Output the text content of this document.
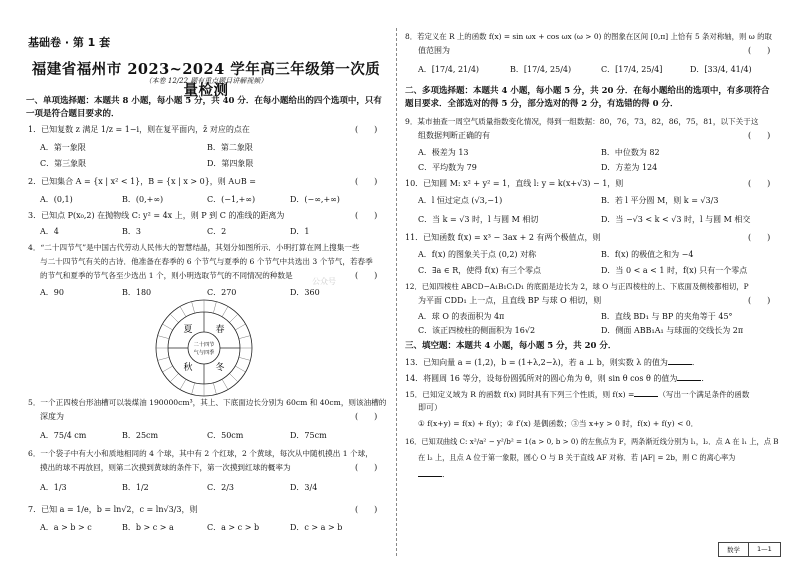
基础卷 · 第 1 套
福建省福州市 2023~2024 学年高三年级第一次质量检测
（本卷 12/22 题有重点题目讲解视频）
一、单项选择题：本题共 8 小题，每小题 5 分，共 40 分．在每小题给出的四个选项中，只有一项是符合题目要求的．
1．已知复数 z 满足 1/z = 1−i，则在复平面内，z̄ 对应的点在	(　　)
A．第一象限	B．第二象限
C．第三象限	D．第四象限
2．已知集合 A = {x | x² < 1}，B = {x | x > 0}，则 A∪B =	(　　)
A．(0,1)	B．(0,+∞)	C．(−1,+∞)	D．(−∞,+∞)
3．已知点 P(x₀,2) 在抛物线 C: y² = 4x 上，则 P 到 C 的准线的距离为	(　　)
A．4	B．3	C．2	D．1
4．“二十四节气”是中国古代劳动人民伟大的智慧结晶，其划分如图所示．小明打算在网上搜集一些
与二十四节气有关的古诗．他准备在春季的 6 个节气与夏季的 6 个节气中共选出 3 个节气，若春季
的节气和夏季的节气各至少选出 1 个，则小明选取节气的不同情况的种数是	(　　)
A．90	B．180	C．270	D．360
公众号
春
夏
秋	冬
二十四节
气与四季
5．一个正四棱台形油槽可以装煤油 190000cm³，其上、下底面边长分别为 60cm 和 40cm，则该油槽的
深度为	(　　)
A．75/4 cm	B．25cm	C．50cm	D．75cm
6．一个袋子中有大小和质地相同的 4 个球，其中有 2 个红球，2 个黄球，每次从中随机摸出 1 个球，
摸出的球不再放回，则第二次摸到黄球的条件下，第一次摸到红球的概率为	(　　)
A．1/3	B．1/2	C．2/3	D．3/4
7．已知 a = 1/e，b = ln√2，c = ln√3/3，则	(　　)
A．a > b > c	B．b > c > a	C．a > c > b	D．c > a > b
8．若定义在 R 上的函数 f(x) = sin ωx + cos ωx (ω > 0) 的图象在区间 [0,π] 上恰有 5 条对称轴，则 ω 的取
值范围为	(　　)
A．[17/4, 21/4)	B．[17/4, 25/4)	C．[17/4, 25/4]	D．[33/4, 41/4)
二、多项选择题：本题共 4 小题，每小题 5 分，共 20 分．在每小题给出的选项中，有多项符合题目要求．全部选对的得 5 分，部分选对的得 2 分，有选错的得 0 分．
9．某市抽查一周空气质量指数变化情况，得到一组数据：80，76，73，82，86，75，81，以下关于这
组数据判断正确的有	(　　)
A．极差为 13	B．中位数为 82
C．平均数为 79	D．方差为 124
10．已知圆 M: x² + y² = 1，直线 l: y = k(x+√3) − 1，则	(　　)
A．l 恒过定点 (√3,−1)	B．若 l 平分圆 M，则 k = √3/3
C．当 k = √3 时，l 与圆 M 相切	D．当 −√3 < k < √3 时，l 与圆 M 相交
11．已知函数 f(x) = x³ − 3ax + 2 有两个极值点，则	(　　)
A．f(x) 的图象关于点 (0,2) 对称	B．f(x) 的极值之和为 −4
C．∃a ∈ R，使得 f(x) 有三个零点	D．当 0 < a < 1 时，f(x) 只有一个零点
12．已知四棱柱 ABCD−A₁B₁C₁D₁ 的底面是边长为 2，球 O 与正四棱柱的上、下底面及侧棱都相切，P
为平面 CDD₁ 上一点，且直线 BP 与球 O 相切，则	(　　)
A．球 O 的表面积为 4π	B．直线 BD₁ 与 BP 的夹角等于 45°
C．该正四棱柱的侧面积为 16√2	D．侧面 ABB₁A₁ 与球面的交线长为 2π
三、填空题：本题共 4 小题，每小题 5 分，共 20 分．
13．已知向量 a = (1,2)，b = (1+λ,2−λ)，若 a ⊥ b，则实数 λ 的值为	．
14．将圆周 16 等分，设每份圆弧所对的圆心角为 θ，则 sin θ cos θ 的值为	．
15．已知定义域为 R 的函数 f(x) 同时具有下列三个性质，则 f(x) =	（写出一个满足条件的函数
即可）
① f(x+y) = f(x) + f(y)；② f′(x) 是偶函数；③当 x+y > 0 时，f(x) + f(y) < 0．
16．已知双曲线 C: x²/a² − y²/b² = 1(a > 0, b > 0) 的左焦点为 F，两条渐近线分别为 l₁，l₂．点 A 在 l₁ 上，点 B
在 l₂ 上，且点 A 位于第一象限，圆心 O 与 B 关于直线 AF 对称．若 |AF| = 2b，则 C 的离心率为
．
数学	1—1
